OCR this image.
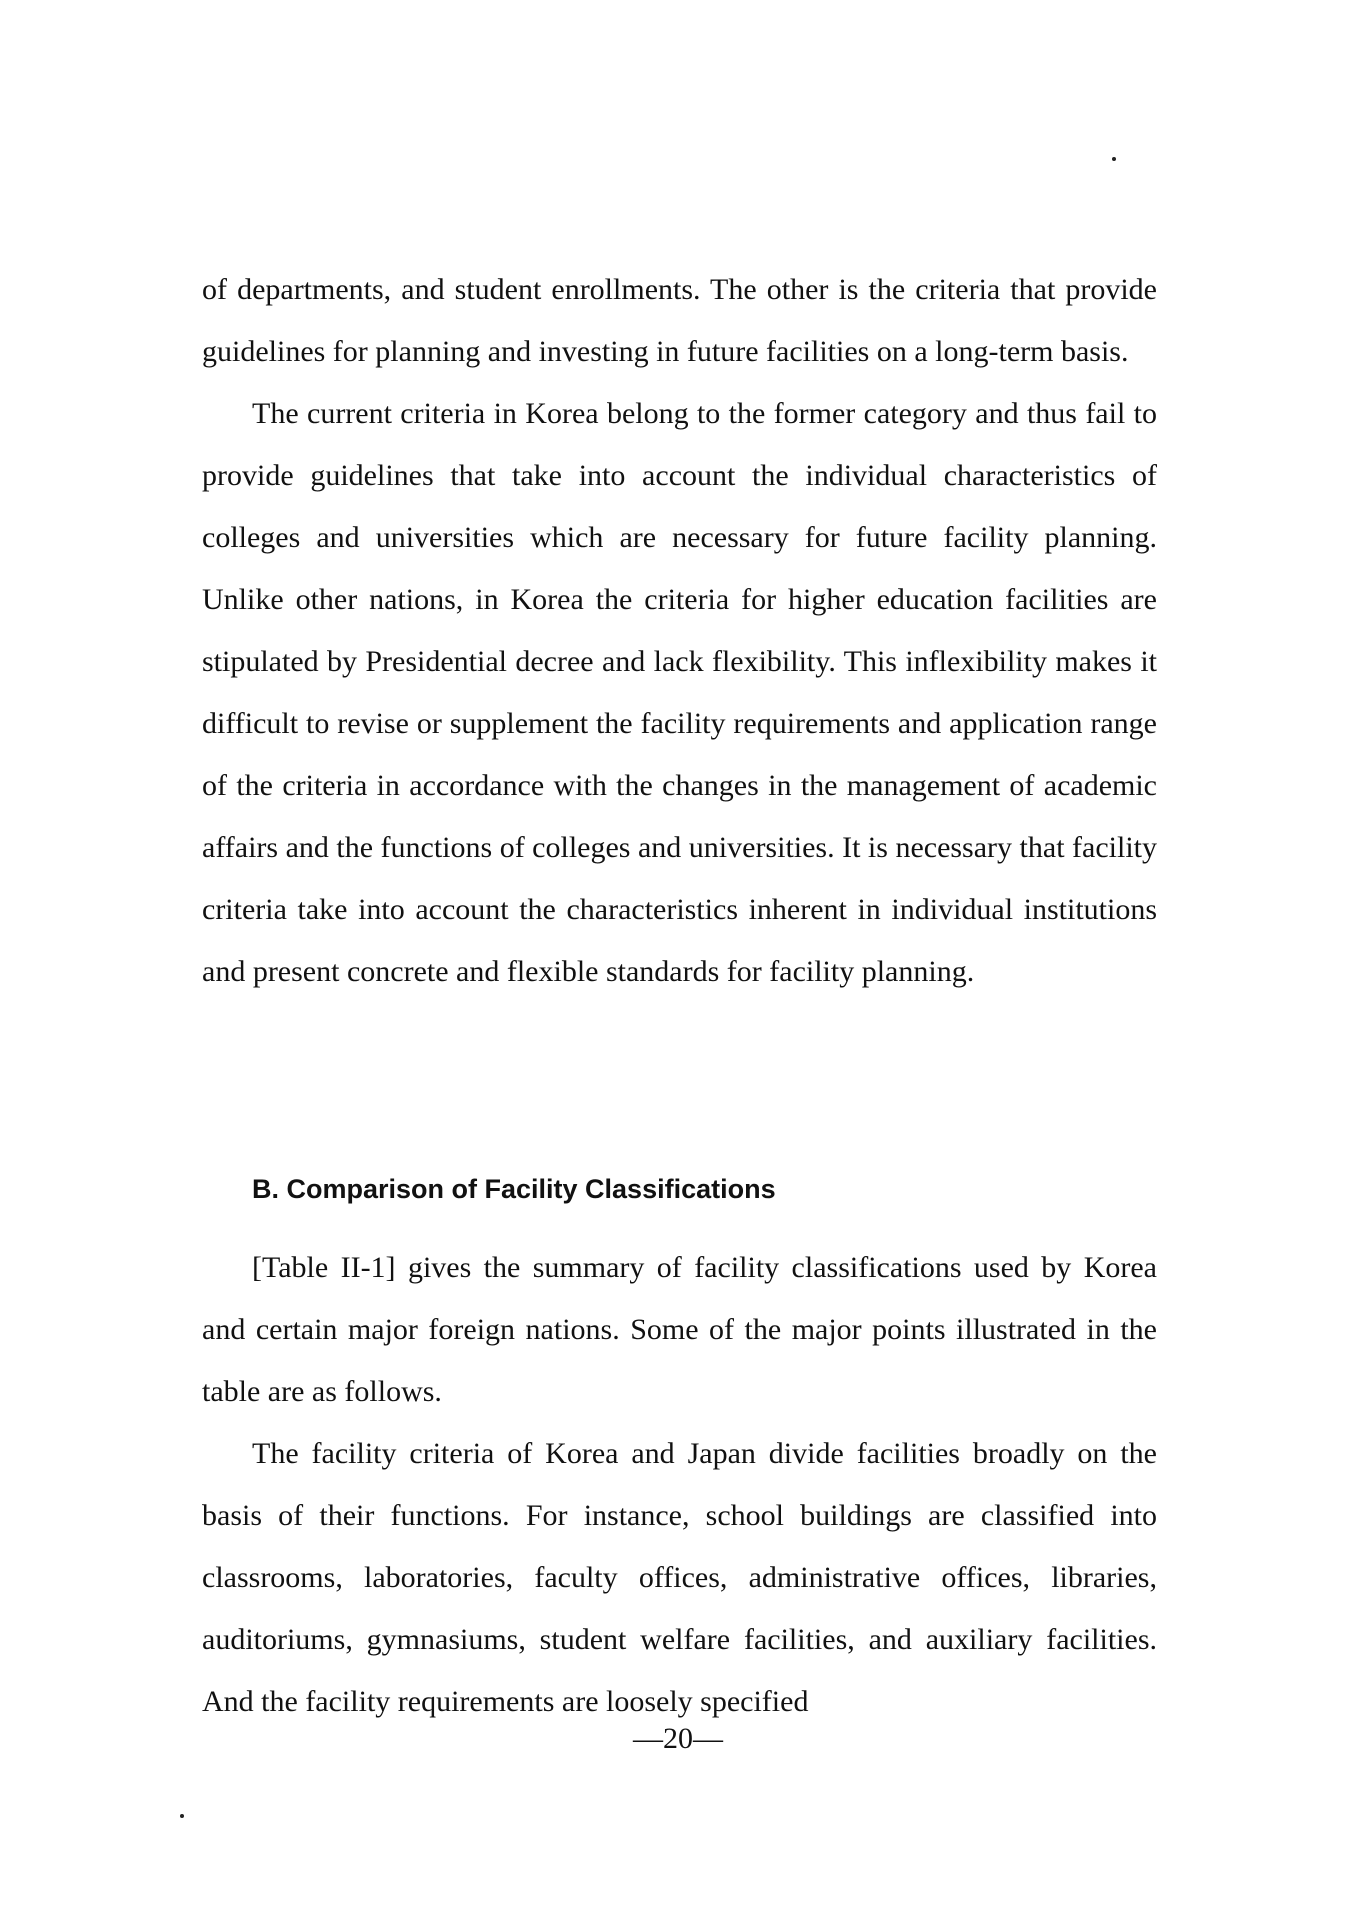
of departments, and student enrollments. The other is the criteria that provide guidelines for planning and investing in future facilities on a long-term basis.

The current criteria in Korea belong to the former category and thus fail to provide guidelines that take into account the individual characteristics of colleges and universities which are necessary for future facility planning. Unlike other nations, in Korea the criteria for higher education facilities are stipulated by Presidential decree and lack flexibility. This inflexibility makes it difficult to revise or supplement the facility requirements and application range of the criteria in accordance with the changes in the management of academic affairs and the functions of colleges and universities. It is necessary that facility criteria take into account the characteristics inherent in individual institutions and present concrete and flexible standards for facility planning.

B. Comparison of Facility Classifications

[Table II-1] gives the summary of facility classifications used by Korea and certain major foreign nations. Some of the major points illustrated in the table are as follows.

The facility criteria of Korea and Japan divide facilities broadly on the basis of their functions. For instance, school buildings are classified into classrooms, laboratories, faculty offices, administrative offices, libraries, auditoriums, gymnasiums, student welfare facilities, and auxiliary facilities. And the facility requirements are loosely specified

—20—
